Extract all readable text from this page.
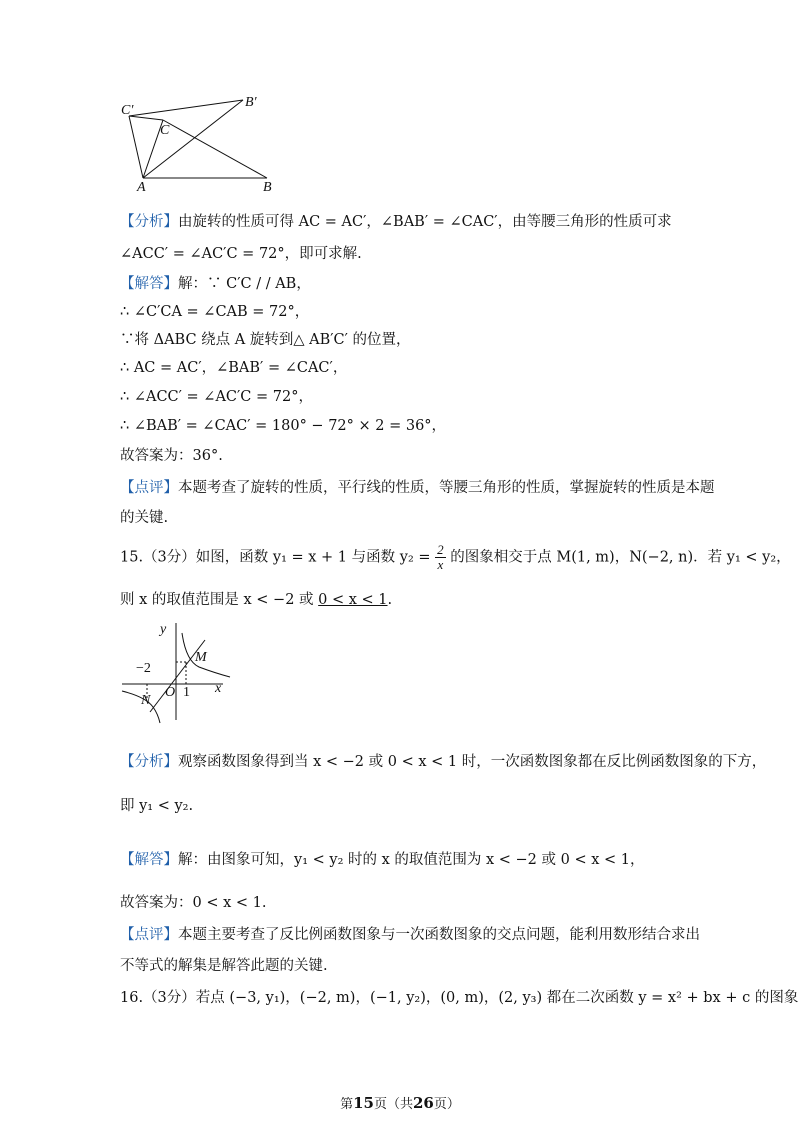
C′
B′
C
A	B
【分析】由旋转的性质可得 AC = AC′，∠BAB′ = ∠CAC′，由等腰三角形的性质可求
∠ACC′ = ∠AC′C = 72°，即可求解.
【解答】解：∵ C′C / / AB，
∴ ∠C′CA = ∠CAB = 72°，
∵将 ΔABC 绕点 A 旋转到△ AB′C′ 的位置，
∴ AC = AC′，∠BAB′ = ∠CAC′，
∴ ∠ACC′ = ∠AC′C = 72°，
∴ ∠BAB′ = ∠CAC′ = 180° − 72° × 2 = 36°，
故答案为：36°.
【点评】本题考查了旋转的性质，平行线的性质，等腰三角形的性质，掌握旋转的性质是本题
的关键.
15.（3分）如图，函数 y₁ = x + 1 与函数 $y_2 = \frac{2}{x}$ 的图象相交于点 M(1, m)，N(−2, n)．若 y₁ < y₂，
则 x 的取值范围是 x < −2 或 0 < x < 1.
y
x
M
N
O
−2
1
【分析】观察函数图象得到当 x < −2 或 0 < x < 1 时，一次函数图象都在反比例函数图象的下方，
即 y₁ < y₂.
【解答】解：由图象可知，y₁ < y₂ 时的 x 的取值范围为 x < −2 或 0 < x < 1，
故答案为：0 < x < 1.
【点评】本题主要考查了反比例函数图象与一次函数图象的交点问题，能利用数形结合求出
不等式的解集是解答此题的关键.
16.（3分）若点 (−3, y₁)，(−2, m)，(−1, y₂)，(0, m)，(2, y₃) 都在二次函数 y = x² + bx + c 的图象
第15页（共26页）
